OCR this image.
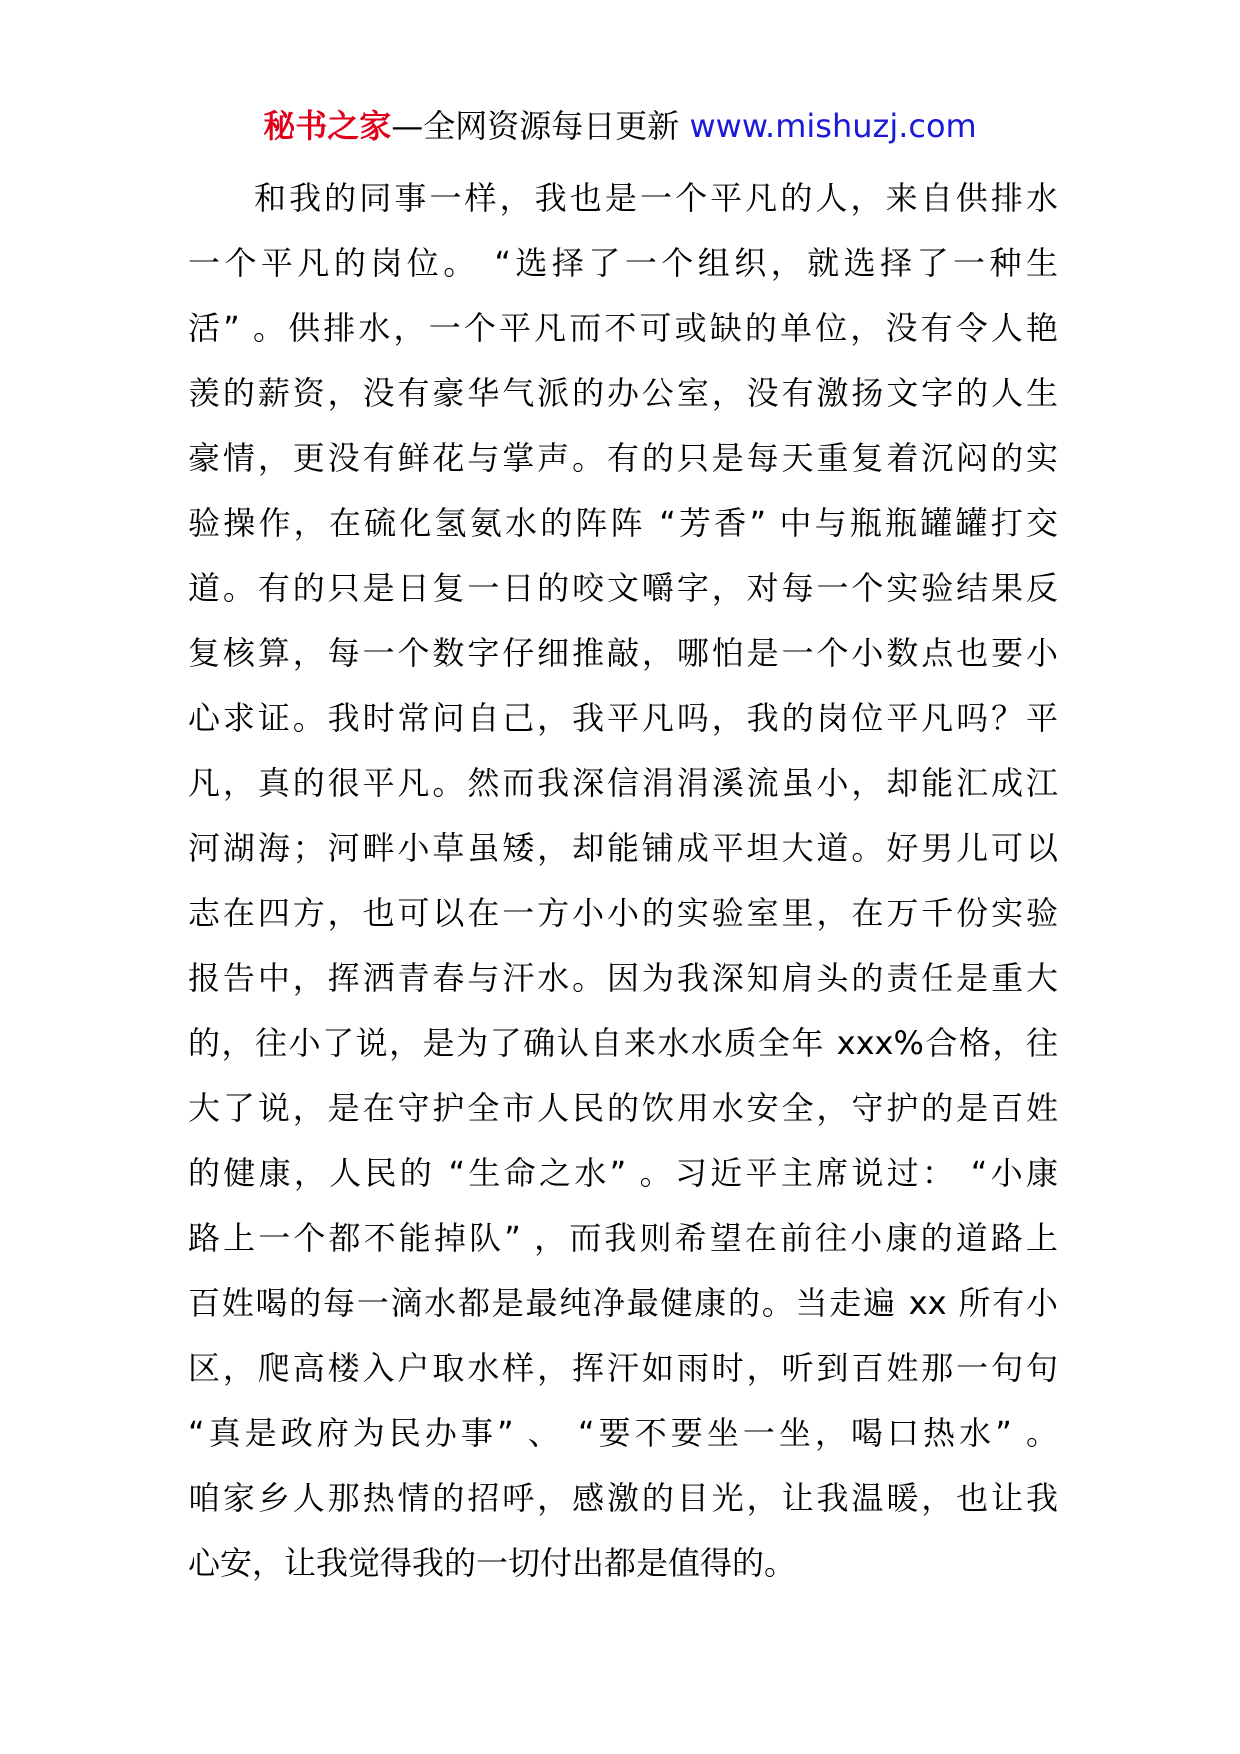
秘书之家—全网资源每日更新 www.mishuzj.com
和我的同事一样，我也是一个平凡的人，来自供排水
一个平凡的岗位。 “选择了一个组织，就选择了一种生
活” 。供排水，一个平凡而不可或缺的单位，没有令人艳
羡的薪资，没有豪华气派的办公室，没有激扬文字的人生
豪情，更没有鲜花与掌声。有的只是每天重复着沉闷的实
验操作，在硫化氢氨水的阵阵 “芳香” 中与瓶瓶罐罐打交
道。有的只是日复一日的咬文嚼字，对每一个实验结果反
复核算，每一个数字仔细推敲，哪怕是一个小数点也要小
心求证。我时常问自己，我平凡吗，我的岗位平凡吗？平
凡，真的很平凡。然而我深信涓涓溪流虽小，却能汇成江
河湖海；河畔小草虽矮，却能铺成平坦大道。好男儿可以
志在四方，也可以在一方小小的实验室里，在万千份实验
报告中，挥洒青春与汗水。因为我深知肩头的责任是重大
的，往小了说，是为了确认自来水水质全年 xxx%合格，往
大了说，是在守护全市人民的饮用水安全，守护的是百姓
的健康，人民的 “生命之水” 。习近平主席说过： “小康
路上一个都不能掉队” ，而我则希望在前往小康的道路上
百姓喝的每一滴水都是最纯净最健康的。当走遍 xx 所有小
区，爬高楼入户取水样，挥汗如雨时，听到百姓那一句句
“真是政府为民办事” 、 “要不要坐一坐，喝口热水” 。
咱家乡人那热情的招呼，感激的目光，让我温暖，也让我
心安，让我觉得我的一切付出都是值得的。
